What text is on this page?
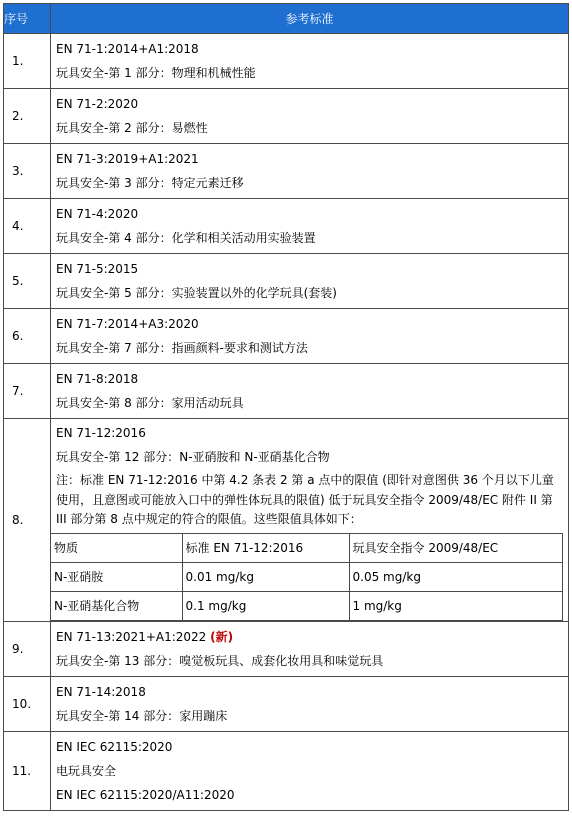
序号	参考标准
1.	
EN 71-1:2014+A1:2018
玩具安全-第 1 部分：物理和机械性能

2.	
EN 71-2:2020
玩具安全-第 2 部分：易燃性

3.	
EN 71-3:2019+A1:2021
玩具安全-第 3 部分：特定元素迁移

4.	
EN 71-4:2020
玩具安全-第 4 部分：化学和相关活动用实验装置

5.	
EN 71-5:2015
玩具安全-第 5 部分：实验装置以外的化学玩具(套装)

6.	
EN 71-7:2014+A3:2020
玩具安全-第 7 部分：指画颜料-要求和测试方法

7.	
EN 71-8:2018
玩具安全-第 8 部分：家用活动玩具

8.	
EN 71-12:2016
玩具安全-第 12 部分：N-亚硝胺和 N-亚硝基化合物
注：标准 EN 71-12:2016 中第 4.2 条表 2 第 a 点中的限值 (即针对意图供 36 个月以下儿童使用，且意图或可能放入口中的弹性体玩具的限值) 低于玩具安全指令 2009/48/EC 附件 II 第 III 部分第 8 点中规定的符合的限值。这些限值具体如下：
物质	标准 EN 71-12:2016	玩具安全指令 2009/48/EC
N-亚硝胺	0.01 mg/kg	0.05 mg/kg
N-亚硝基化合物	0.1 mg/kg	1 mg/kg

9.	
EN 71-13:2021+A1:2022 (新)
玩具安全-第 13 部分：嗅觉板玩具、成套化妆用具和味觉玩具

10.	
EN 71-14:2018
玩具安全-第 14 部分：家用蹦床

11.	
EN IEC 62115:2020
电玩具安全
EN IEC 62115:2020/A11:2020
